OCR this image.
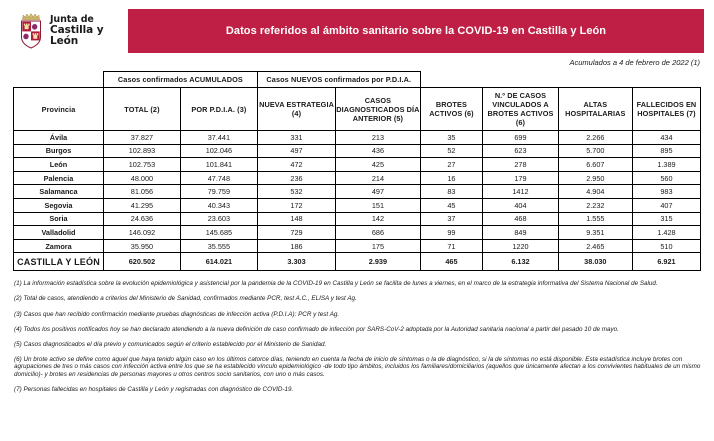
Junta de
Castilla y León
Datos referidos al ámbito sanitario sobre la COVID-19 en Castilla y León
Acumulados a 4 de febrero de 2022 (1)
	Casos confirmados ACUMULADOS		Casos NUEVOS confirmados por P.D.I.A.					
Provincia	TOTAL (2)	POR P.D.I.A. (3)	NUEVA ESTRATEGIA (4)	CASOS DIAGNOSTICADOS DÍA ANTERIOR (5)	BROTES ACTIVOS (6)	N.º DE CASOS VINCULADOS A BROTES ACTIVOS (6)	ALTAS HOSPITALARIAS	FALLECIDOS EN HOSPITALES (7)
Ávila	37.827	37.441	331	213	35	699	2.266	434
Burgos	102.893	102.046	497	436	52	623	5.700	895
León	102.753	101.841	472	425	27	278	6.607	1.389
Palencia	48.000	47.748	236	214	16	179	2.950	560
Salamanca	81.056	79.759	532	497	83	1412	4.904	983
Segovia	41.295	40.343	172	151	45	404	2.232	407
Soria	24.636	23.603	148	142	37	468	1.555	315
Valladolid	146.092	145.685	729	686	99	849	9.351	1.428
Zamora	35.950	35.555	186	175	71	1220	2.465	510
CASTILLA Y LEÓN	620.502	614.021	3.303	2.939	465	6.132	38.030	6.921
(1) La información estadística sobre la evolución epidemiológica y asistencial por la pandemia de la COVID-19 en Castilla y León se facilita de lunes a viernes, en el marco de la estrategia informativa del Sistema Nacional de Salud.
(2) Total de casos, atendiendo a criterios del Ministerio de Sanidad, confirmados mediante PCR, test A.C., ELISA y test Ag.
(3) Casos que han recibido confirmación mediante pruebas diagnósticas de infección activa (P.D.I.A): PCR y test Ag.
(4) Todos los positivos notificados hoy se han declarado atendiendo a la nueva definición de caso confirmado de infección por SARS-CoV-2 adoptada por la Autoridad sanitaria nacional a partir del pasado 10 de mayo.
(5) Casos diagnosticados el día previo y comunicados según el criterio establecido por el Ministerio de Sanidad.
(6) Un brote activo se define como aquel que haya tenido algún caso en los últimos catorce días, teniendo en cuenta la fecha de inicio de síntomas o la de diagnóstico, si la de síntomas no está disponible. Esta estadística incluye brotes con agrupaciones de tres o más casos con infección activa entre los que se ha establecido vínculo epidemiológico -de todo tipo ámbitos, incluidos los familiares/domiciliarios (aquellos que únicamente afectan a los convivientes habituales de un mismo domicilio)- y brotes en residencias de personas mayores u otros centros socio sanitarios, con uno o más casos.
(7) Personas fallecidas en hospitales de Castilla y León y registradas con diagnóstico de COVID-19.
